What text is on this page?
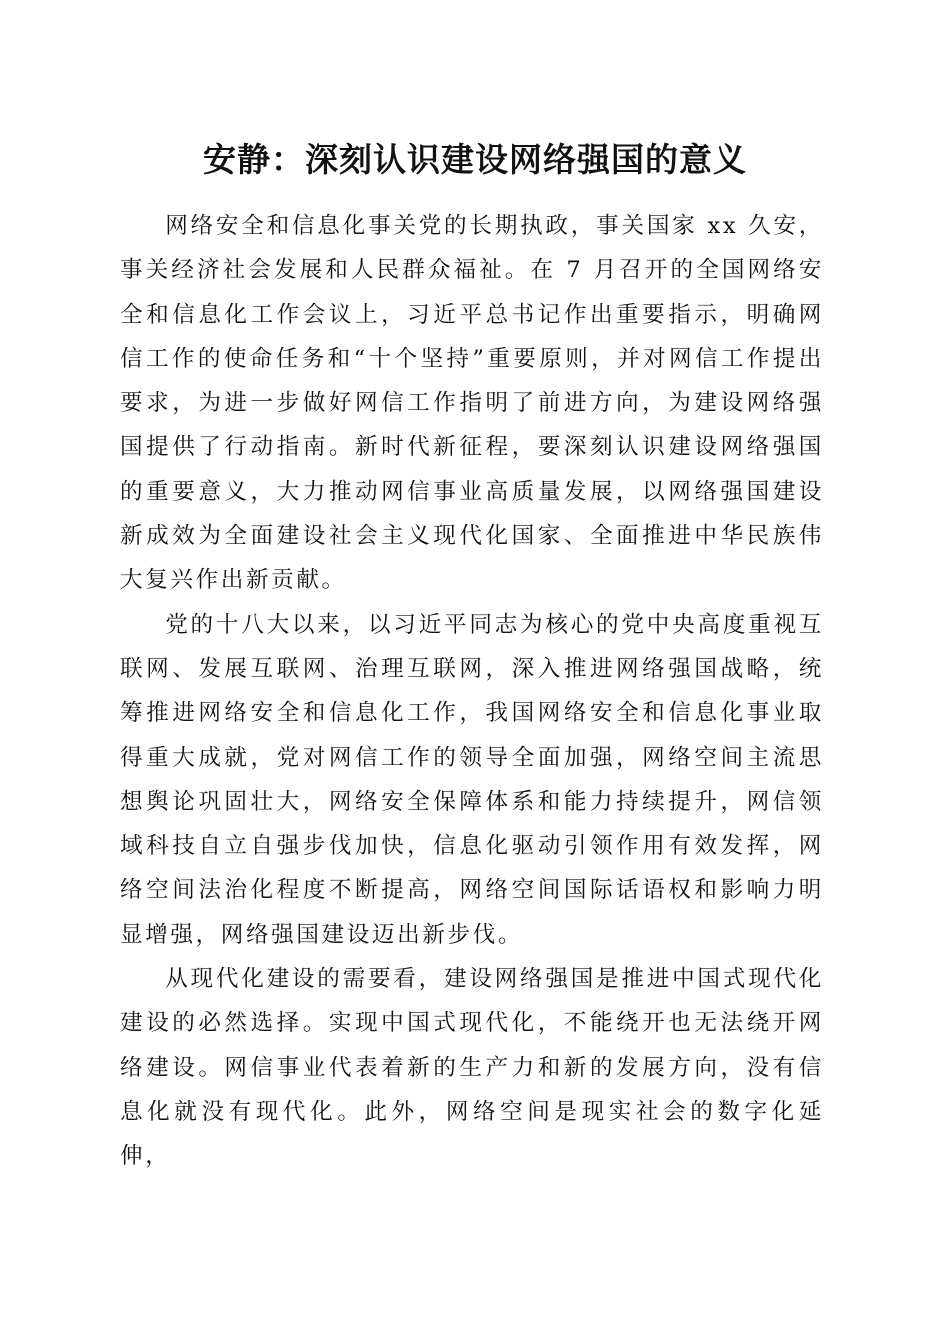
安静：深刻认识建设网络强国的意义

网络安全和信息化事关党的长期执政，事关国家 xx 久安，事关经济社会发展和人民群众福祉。在 7 月召开的全国网络安全和信息化工作会议上，习近平总书记作出重要指示，明确网信工作的使命任务和“十个坚持”重要原则，并对网信工作提出要求，为进一步做好网信工作指明了前进方向，为建设网络强国提供了行动指南。新时代新征程，要深刻认识建设网络强国的重要意义，大力推动网信事业高质量发展，以网络强国建设新成效为全面建设社会主义现代化国家、全面推进中华民族伟大复兴作出新贡献。

党的十八大以来，以习近平同志为核心的党中央高度重视互联网、发展互联网、治理互联网，深入推进网络强国战略，统筹推进网络安全和信息化工作，我国网络安全和信息化事业取得重大成就，党对网信工作的领导全面加强，网络空间主流思想舆论巩固壮大，网络安全保障体系和能力持续提升，网信领域科技自立自强步伐加快，信息化驱动引领作用有效发挥，网络空间法治化程度不断提高，网络空间国际话语权和影响力明显增强，网络强国建设迈出新步伐。

从现代化建设的需要看，建设网络强国是推进中国式现代化建设的必然选择。实现中国式现代化，不能绕开也无法绕开网络建设。网信事业代表着新的生产力和新的发展方向，没有信息化就没有现代化。此外，网络空间是现实社会的数字化延伸，
